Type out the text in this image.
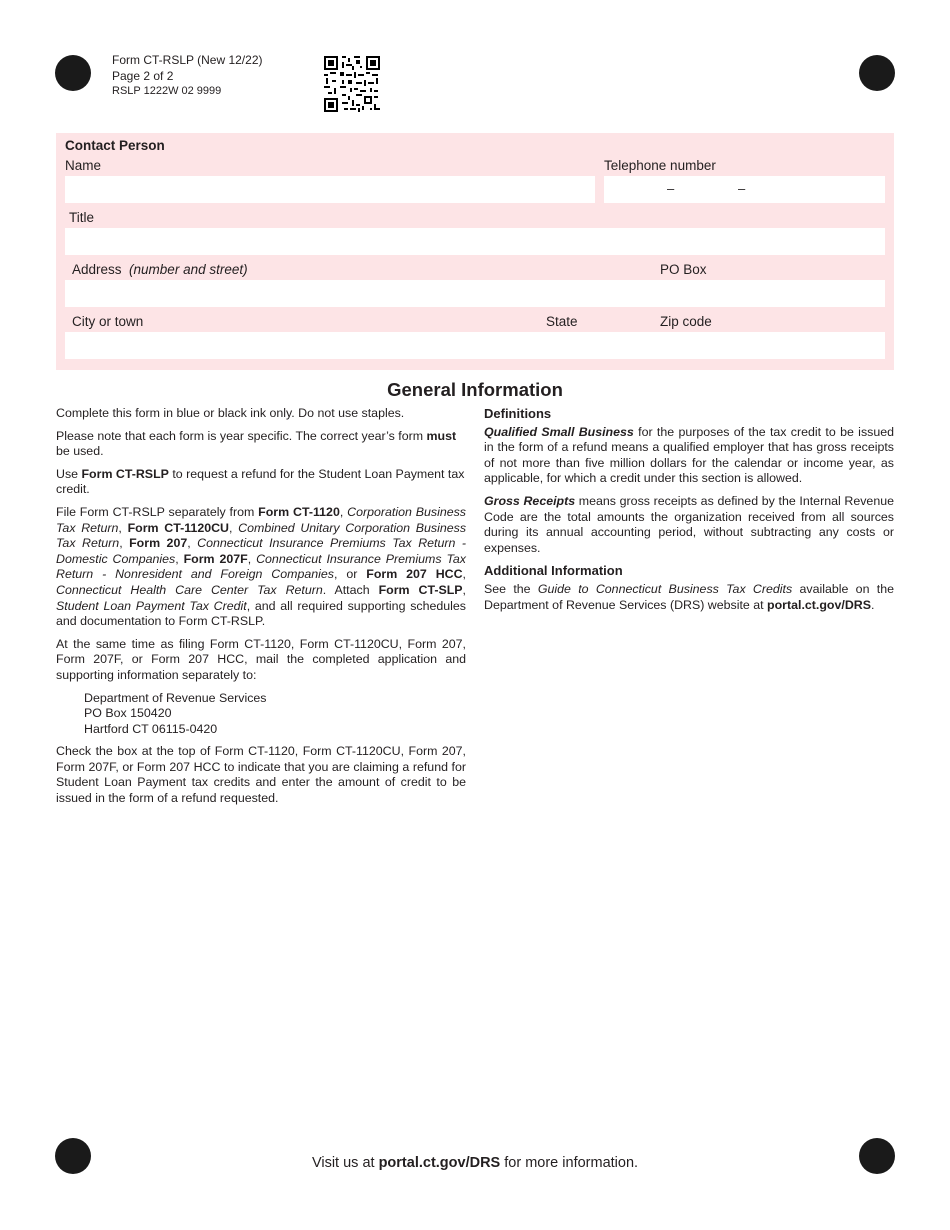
Form CT-RSLP (New 12/22)
Page 2 of 2
RSLP 1222W 02 9999
Contact Person
Name	Telephone number
–	–
Title
Address (number and street)	PO Box
City or town	State	Zip code
General Information

Complete this form in blue or black ink only. Do not use staples.

Please note that each form is year specific. The correct year’s form must be used.

Use Form CT-RSLP to request a refund for the Student Loan Payment tax credit.

File Form CT-RSLP separately from Form CT-1120, Corporation Business Tax Return, Form CT-1120CU, Combined Unitary Corporation Business Tax Return, Form 207, Connecticut Insurance Premiums Tax Return - Domestic Companies, Form 207F, Connecticut Insurance Premiums Tax Return - Nonresident and Foreign Companies, or Form 207 HCC, Connecticut Health Care Center Tax Return. Attach Form CT-SLP, Student Loan Payment Tax Credit, and all required supporting schedules and documentation to Form CT-RSLP.

At the same time as filing Form CT-1120, Form CT-1120CU, Form 207, Form 207F, or Form 207 HCC, mail the completed application and supporting information separately to:

Department of Revenue Services
PO Box 150420
Hartford CT 06115-0420

Check the box at the top of Form CT-1120, Form CT-1120CU, Form 207, Form 207F, or Form 207 HCC to indicate that you are claiming a refund for Student Loan Payment tax credits and enter the amount of credit to be issued in the form of a refund requested.

Definitions

Qualified Small Business for the purposes of the tax credit to be issued in the form of a refund means a qualified employer that has gross receipts of not more than five million dollars for the calendar or income year, as applicable, for which a credit under this section is allowed.

Gross Receipts means gross receipts as defined by the Internal Revenue Code are the total amounts the organization received from all sources during its annual accounting period, without subtracting any costs or expenses.

Additional Information

See the Guide to Connecticut Business Tax Credits available on the Department of Revenue Services (DRS) website at portal.ct.gov/DRS.

Visit us at portal.ct.gov/DRS for more information.
